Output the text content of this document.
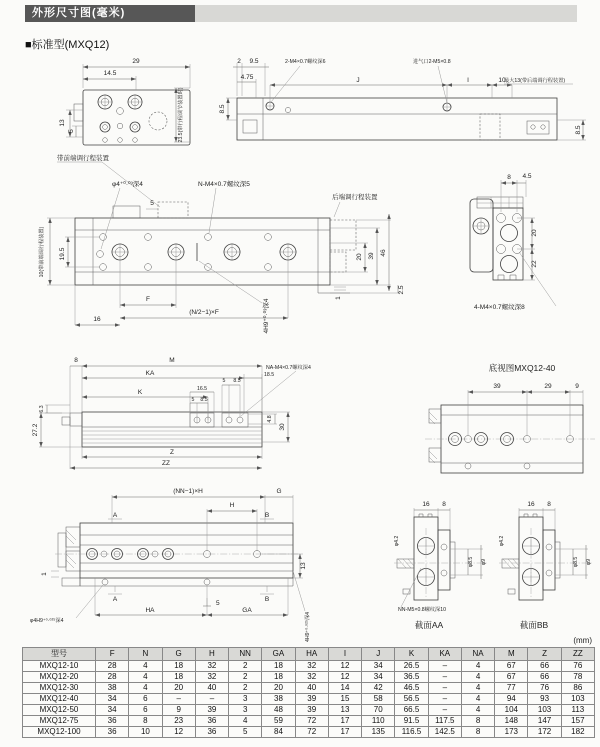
外形尺寸图(毫米)
■标准型(MXQ12)
29
14.5
13
5	23.5(带行程调节装置时)
带前端调行程装置
2 9.5
4.75
8.5
J	I	10
8.5
2-M4×0.7螺纹深6	进气口2-M5×0.8
最大13(带后端调行程装置)
φ4⁺⁰·⁰³深4
5
N-M4×0.7螺纹深5
后端调行程装置
10(带前端调行程装置) 19.5	20 39 46
2.5
1
F
(N/2−1)×F
16	4H9⁺⁰·⁰³深4
8 4.5
20
22
4-M4×0.7螺纹深8
8	M
KA	18.5
5 8.5
K	16.5
5 8.5
6.3
27.2
4.8
30
Z
ZZ
NA-M4×0.7螺纹深4	底视图MXQ12-40
39	29	9
(NN−1)×H	G
H
A	B
A	B
13
1
5
HA	GA
φ4H9⁺⁰·⁰²⁵深4	4H9⁺⁰·⁰²⁵深4
16 8
φ4.2
φ8.5 φ9
NN-M5×0.8螺纹深10
截面AA
16 8
φ4.2
φ8.5 φ9
截面BB
(mm)
型号	F	N	G	H	NN	GA	HA	I	J	K	KA	NA	M	Z	ZZ
MXQ12-10	28	4	18	32	2	18	32	12	34	26.5	–	4	67	66	76
MXQ12-20	28	4	18	32	2	18	32	12	34	36.5	–	4	67	66	78
MXQ12-30	38	4	20	40	2	20	40	14	42	46.5	–	4	77	76	86
MXQ12-40	34	6	–	–	3	38	39	15	58	56.5	–	4	94	93	103
MXQ12-50	34	6	9	39	3	48	39	13	70	66.5	–	4	104	103	113
MXQ12-75	36	8	23	36	4	59	72	17	110	91.5	117.5	8	148	147	157
MXQ12-100	36	10	12	36	5	84	72	17	135	116.5	142.5	8	173	172	182
